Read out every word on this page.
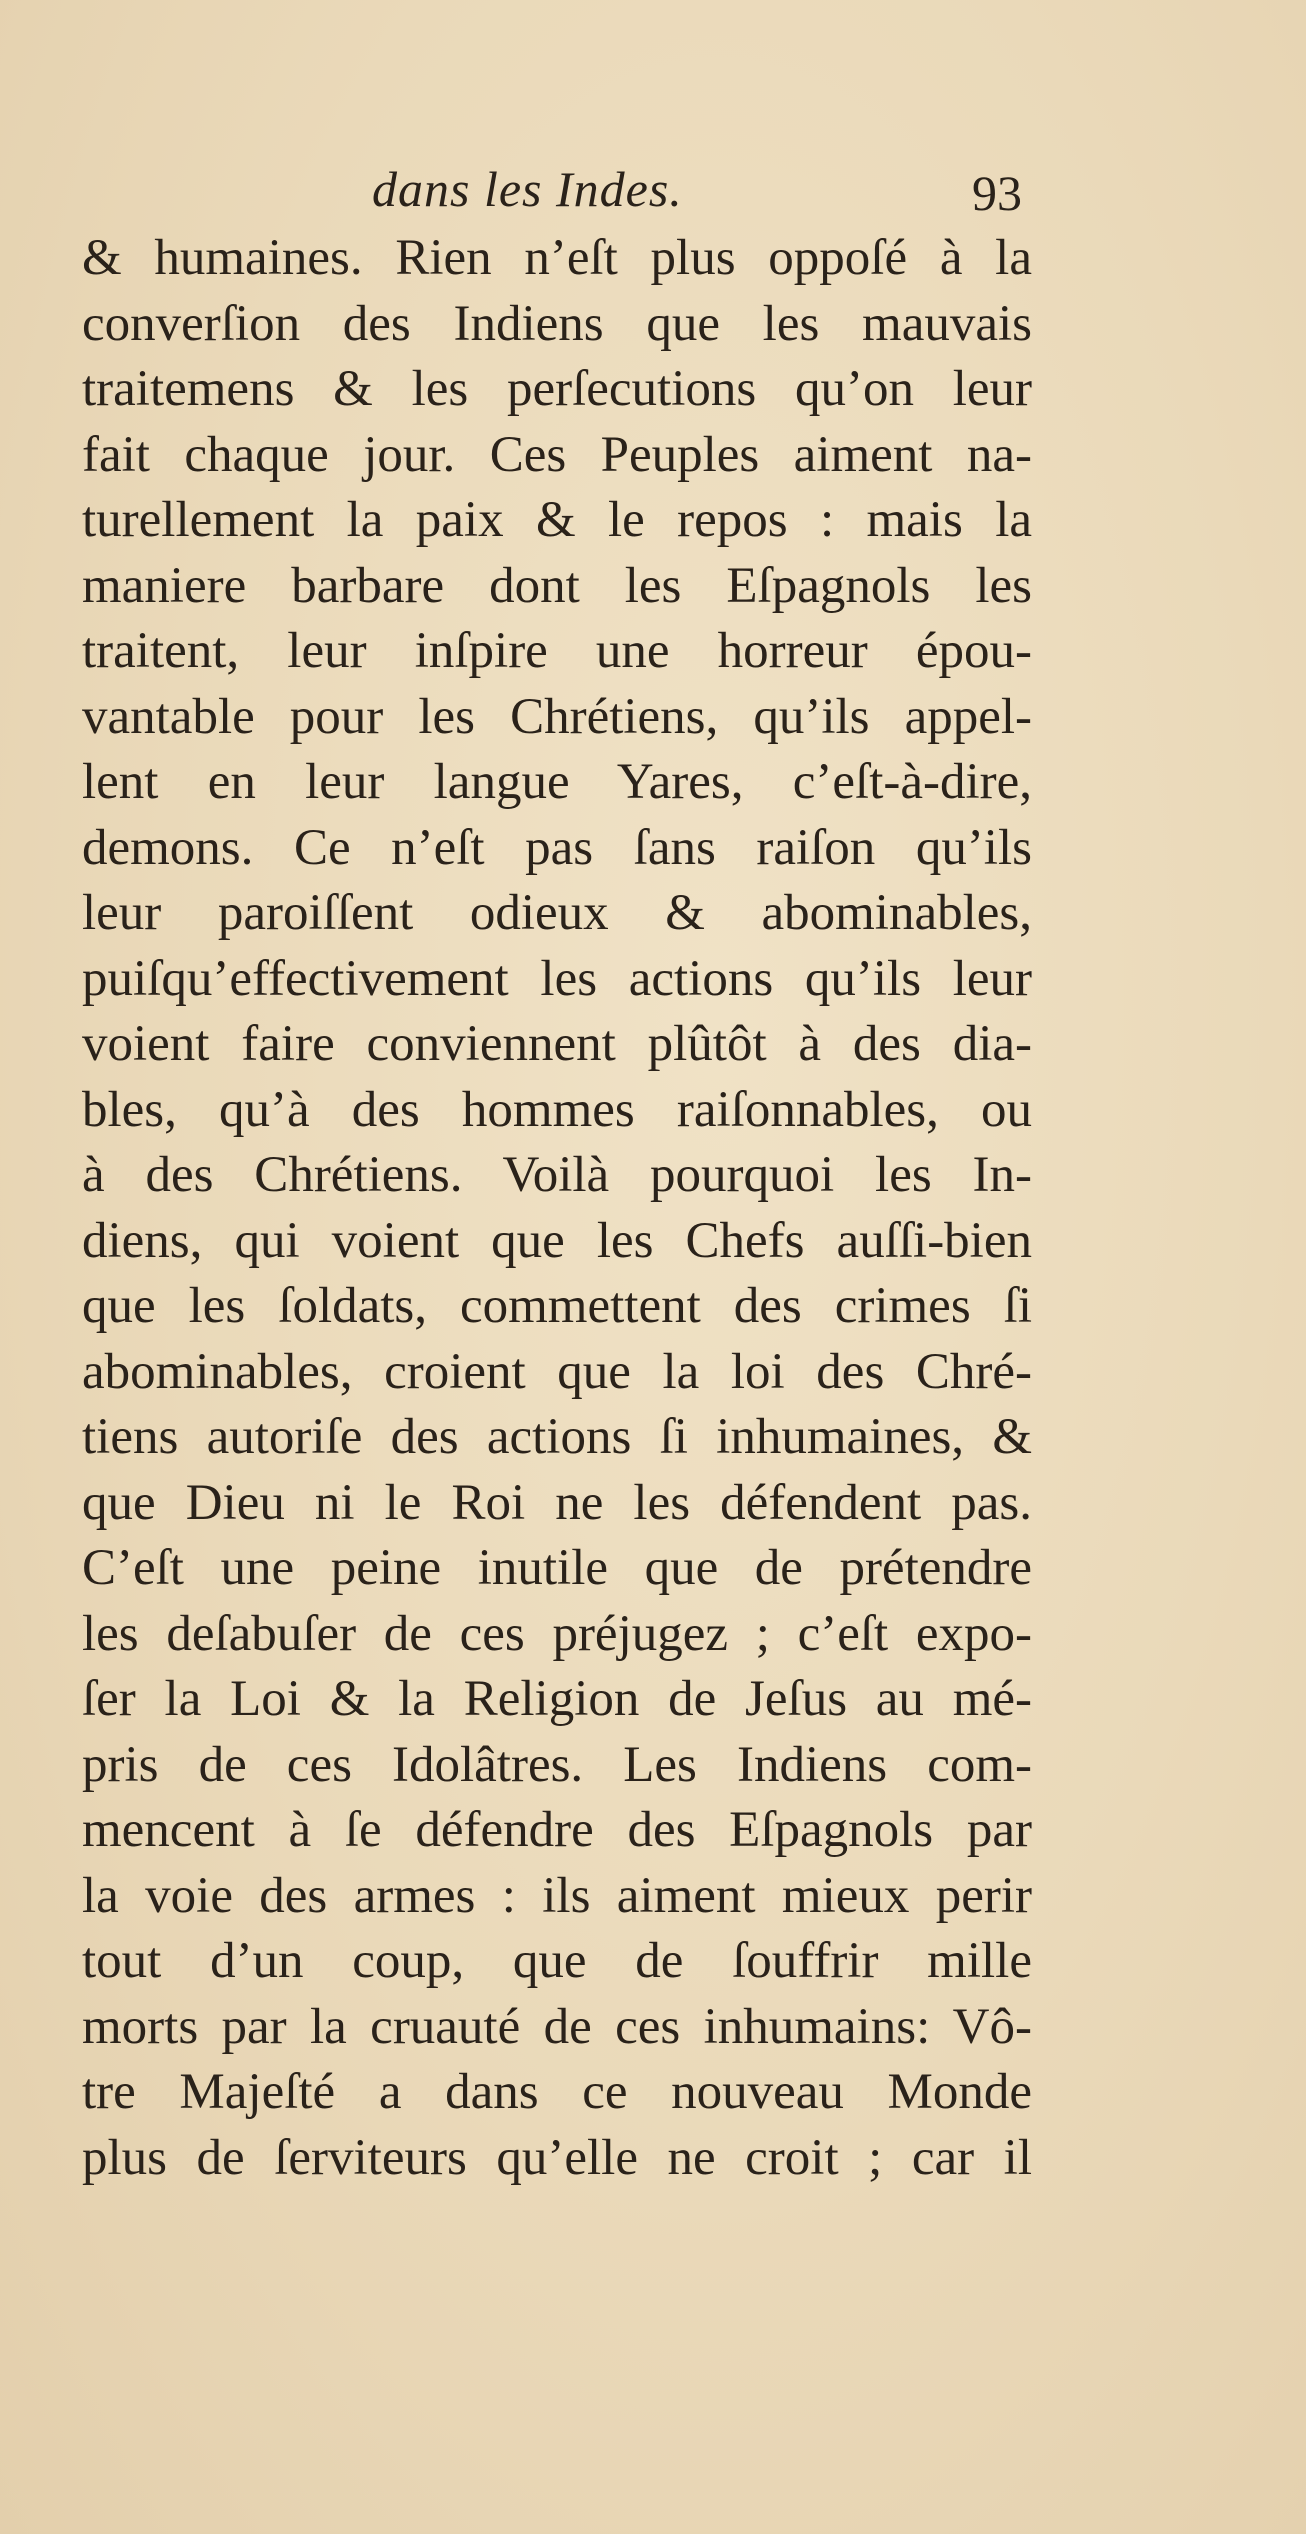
dans les Indes.	93
& humaines. Rien n’eſt plus oppoſé à la
converſion des Indiens que les mauvais
traitemens & les perſecutions qu’on leur
fait chaque jour. Ces Peuples aiment na-
turellement la paix & le repos : mais la
maniere barbare dont les Eſpagnols les
traitent, leur inſpire une horreur épou-
vantable pour les Chrétiens, qu’ils appel-
lent en leur langue Yares, c’eſt-à-dire,
demons. Ce n’eſt pas ſans raiſon qu’ils
leur paroiſſent odieux & abominables,
puiſqu’effectivement les actions qu’ils leur
voient faire conviennent plûtôt à des dia-
bles, qu’à des hommes raiſonnables, ou
à des Chrétiens. Voilà pourquoi les In-
diens, qui voient que les Chefs auſſi-bien
que les ſoldats, commettent des crimes ſi
abominables, croient que la loi des Chré-
tiens autoriſe des actions ſi inhumaines, &
que Dieu ni le Roi ne les défendent pas.
C’eſt une peine inutile que de prétendre
les deſabuſer de ces préjugez ; c’eſt expo-
ſer la Loi & la Religion de Jeſus au mé-
pris de ces Idolâtres. Les Indiens com-
mencent à ſe défendre des Eſpagnols par
la voie des armes : ils aiment mieux perir
tout d’un coup, que de ſouffrir mille
morts par la cruauté de ces inhumains: Vô-
tre Majeſté a dans ce nouveau Monde
plus de ſerviteurs qu’elle ne croit ; car il
